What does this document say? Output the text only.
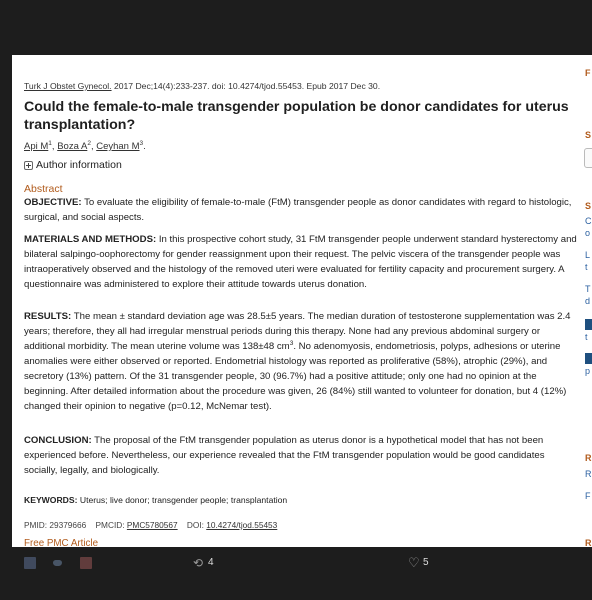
Turk J Obstet Gynecol. 2017 Dec;14(4):233-237. doi: 10.4274/tjod.55453. Epub 2017 Dec 30.
Could the female-to-male transgender population be donor candidates for uterus transplantation?
Api $M^1$, Boza $A^2$, Ceyhan $M^3$.
Author information
Abstract
OBJECTIVE: To evaluate the eligibility of female-to-male (FtM) transgender people as donor candidates with regard to histologic, surgical, and social aspects.
MATERIALS AND METHODS: In this prospective cohort study, 31 FtM transgender people underwent standard hysterectomy and bilateral salpingo-oophorectomy for gender reassignment upon their request. The pelvic viscera of the transgender people was intraoperatively observed and the histology of the removed uteri were evaluated for fertility capacity and procurement surgery. A questionnaire was administered to explore their attitude towards uterus donation.
RESULTS: The mean ± standard deviation age was 28.5±5 years. The median duration of testosterone supplementation was 2.4 years; therefore, they all had irregular menstrual periods during this therapy. None had any previous abdominal surgery or additional morbidity. The mean uterine volume was 138±48 $cm^3$. No adenomyosis, endometriosis, polyps, adhesions or uterine anomalies were either observed or reported. Endometrial histology was reported as proliferative (58%), atrophic (29%), and secretory (13%) pattern. Of the 31 transgender people, 30 (96.7%) had a positive attitude; only one had no opinion at the beginning. After detailed information about the procedure was given, 26 (84%) still wanted to volunteer for donation, but 4 (12%) changed their opinion to negative (p=0.12, McNemar test).
CONCLUSION: The proposal of the FtM transgender population as uterus donor is a hypothetical model that has not been experienced before. Nevertheless, our experience revealed that the FtM transgender population would be good candidates socially, legally, and biologically.
KEYWORDS: Uterus; live donor; transgender people; transplantation
PMID: 29379666 PMCID: PMC5780567 DOI: 10.4274/tjod.55453
Free PMC Article
F
S
S
C
o
L
t
T
d
t
p
R
R
F
R
⟲ 4	♡ 5
